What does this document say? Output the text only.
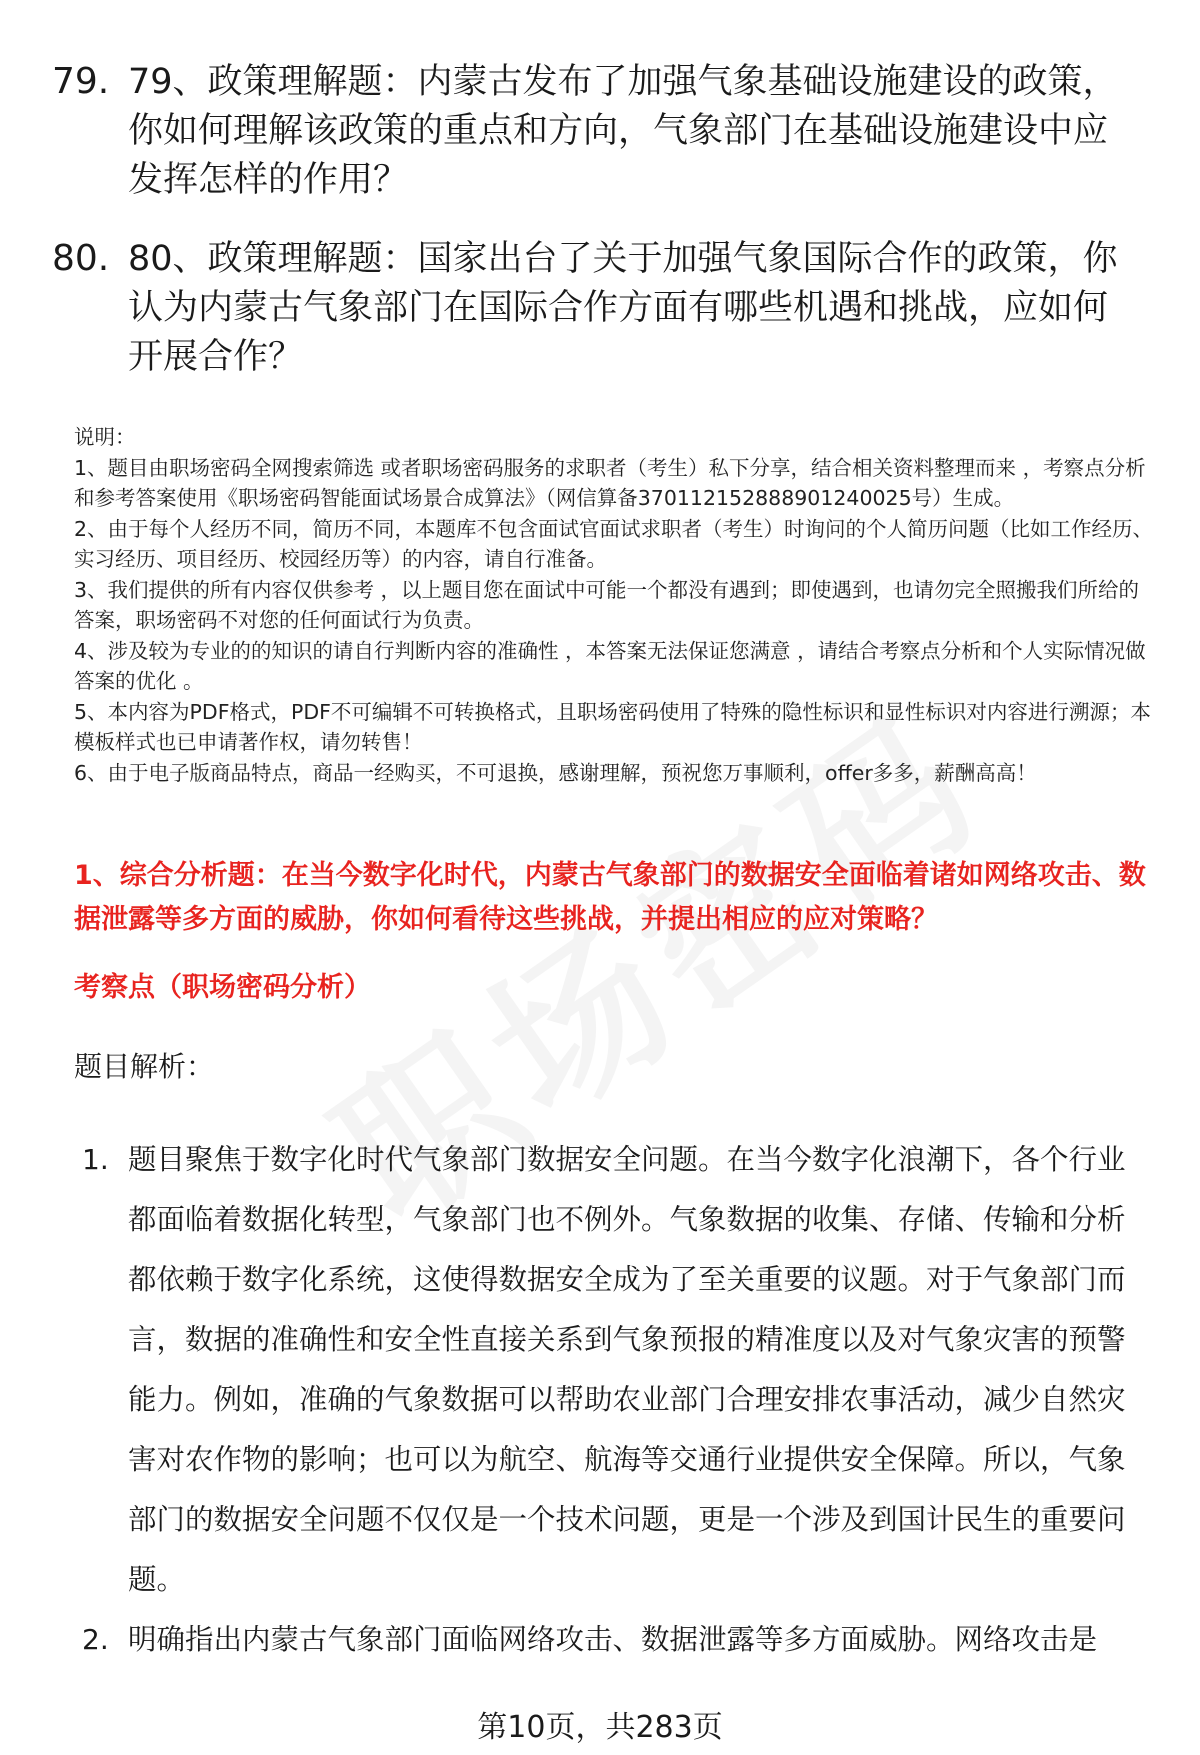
79. 79、政策理解题：内蒙古发布了加强气象基础设施建设的政策，你如何理解该政策的重点和方向，气象部门在基础设施建设中应发挥怎样的作用？
80. 80、政策理解题：国家出台了关于加强气象国际合作的政策，你认为内蒙古气象部门在国际合作方面有哪些机遇和挑战，应如何开展合作？

说明：

1、题目由职场密码全网搜索筛选 或者职场密码服务的求职者（考生）私下分享，结合相关资料整理而来 ，考察点分析和参考答案使用《职场密码智能面试场景合成算法》（网信算备370112152888901240025号）生成。

2、由于每个人经历不同，简历不同，本题库不包含面试官面试求职者（考生）时询问的个人简历问题（比如工作经历、实习经历、项目经历、校园经历等）的内容，请自行准备。

3、我们提供的所有内容仅供参考 ，以上题目您在面试中可能一个都没有遇到；即使遇到，也请勿完全照搬我们所给的答案，职场密码不对您的任何面试行为负责。

4、涉及较为专业的的知识的请自行判断内容的准确性 ，本答案无法保证您满意 ，请结合考察点分析和个人实际情况做答案的优化 。

5、本内容为PDF格式，PDF不可编辑不可转换格式，且职场密码使用了特殊的隐性标识和显性标识对内容进行溯源；本模板样式也已申请著作权，请勿转售！

6、由于电子版商品特点，商品一经购买，不可退换，感谢理解，预祝您万事顺利，offer多多，薪酬高高！

1、综合分析题：在当今数字化时代，内蒙古气象部门的数据安全面临着诸如网络攻击、数据泄露等多方面的威胁，你如何看待这些挑战，并提出相应的应对策略？

考察点（职场密码分析）

题目解析：

1. 题目聚焦于数字化时代气象部门数据安全问题。在当今数字化浪潮下，各个行业都面临着数据化转型，气象部门也不例外。气象数据的收集、存储、传输和分析都依赖于数字化系统，这使得数据安全成为了至关重要的议题。对于气象部门而言，数据的准确性和安全性直接关系到气象预报的精准度以及对气象灾害的预警能力。例如，准确的气象数据可以帮助农业部门合理安排农事活动，减少自然灾害对农作物的影响；也可以为航空、航海等交通行业提供安全保障。所以，气象部门的数据安全问题不仅仅是一个技术问题，更是一个涉及到国计民生的重要问题。
2. 明确指出内蒙古气象部门面临网络攻击、数据泄露等多方面威胁。网络攻击是
第10页，共283页
